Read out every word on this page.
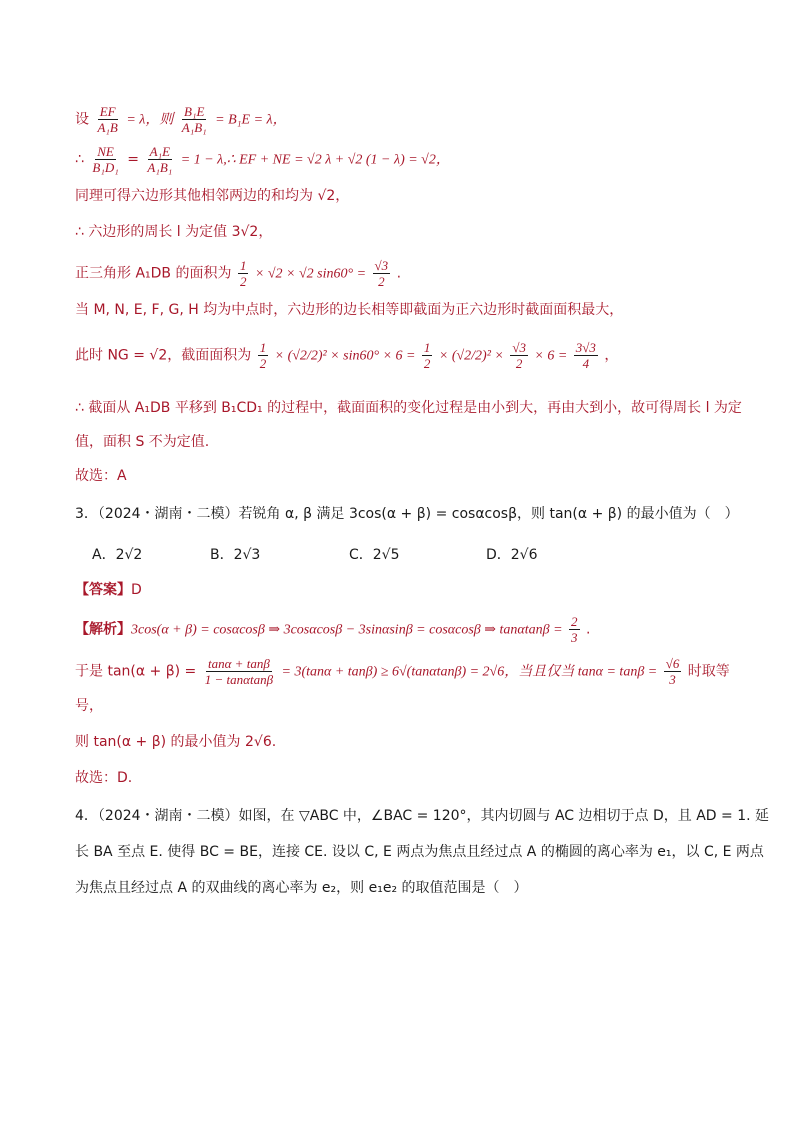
设 $\frac{EF}{\text{A₁B}} = \lambda$，则 $\frac{\text{B₁E}}{\text{A₁B₁}} = B_1E = \lambda$，
∴ $\frac{NE}{\text{B₁D₁}} = \frac{\text{A₁E}}{\text{A₁B₁}} = 1$ − λ,∴ EF + NE = √2 λ + √2 (1 − λ) = √2，
同理可得六边形其他相邻两边的和均为 √2，
∴ 六边形的周长 l 为定值 3√2，
正三角形 A₁DB 的面积为 $\frac{1}{2} \times √2 \times √2$ $\sin 60^\circ = \frac{√3}{2}$ .
当 M, N, E, F, G, H 均为中点时，六边形的边长相等即截面为正六边形时截面面积最大，
此时 NG = √2，截面面积为 $\frac{1}{2} \times (√2/2)^2 \times \sin 60^\circ \times 6 = \frac{1}{2} \times (√2/2)^2 \times \frac{√3}{2} \times 6 = \frac{3√3}{4}$ ，
∴ 截面从 A₁DB 平移到 B₁CD₁ 的过程中，截面面积的变化过程是由小到大，再由大到小，故可得周长 l 为定
值，面积 S 不为定值.
故选：A
3．（2024・湖南・二模）若锐角 α, β 满足 3cos(α + β) = cosαcosβ，则 tan(α + β) 的最小值为（　）
A．2√2	B．2√3	C．2√5	D．2√6
【答案】D
【解析】3cos(α + β) = cosαcosβ ⇒ 3cosαcosβ − 3sinαsinβ = cosαcosβ ⇒ $\tan\alpha\tan\beta = \frac{2}{3}$ .
于是 $\tan(\alpha + \beta) = \frac{\tan\alpha + \tan\beta}{1 - \tan\alpha\tan\beta} = 3(\tan\alpha + \tan\beta) \ge 6√(\tan\alpha\tan\beta) = 2√6$，当且仅当 $\tan\alpha = \tan\beta = \frac{√6}{3}$ 时取等
号，
则 tan(α + β) 的最小值为 2√6.
故选：D.
4．（2024・湖南・二模）如图，在 ▽ABC 中，∠BAC = 120°，其内切圆与 AC 边相切于点 D，且 AD = 1. 延
长 BA 至点 E. 使得 BC = BE，连接 CE. 设以 C, E 两点为焦点且经过点 A 的椭圆的离心率为 e₁，以 C, E 两点
为焦点且经过点 A 的双曲线的离心率为 e₂，则 e₁e₂ 的取值范围是（　）
